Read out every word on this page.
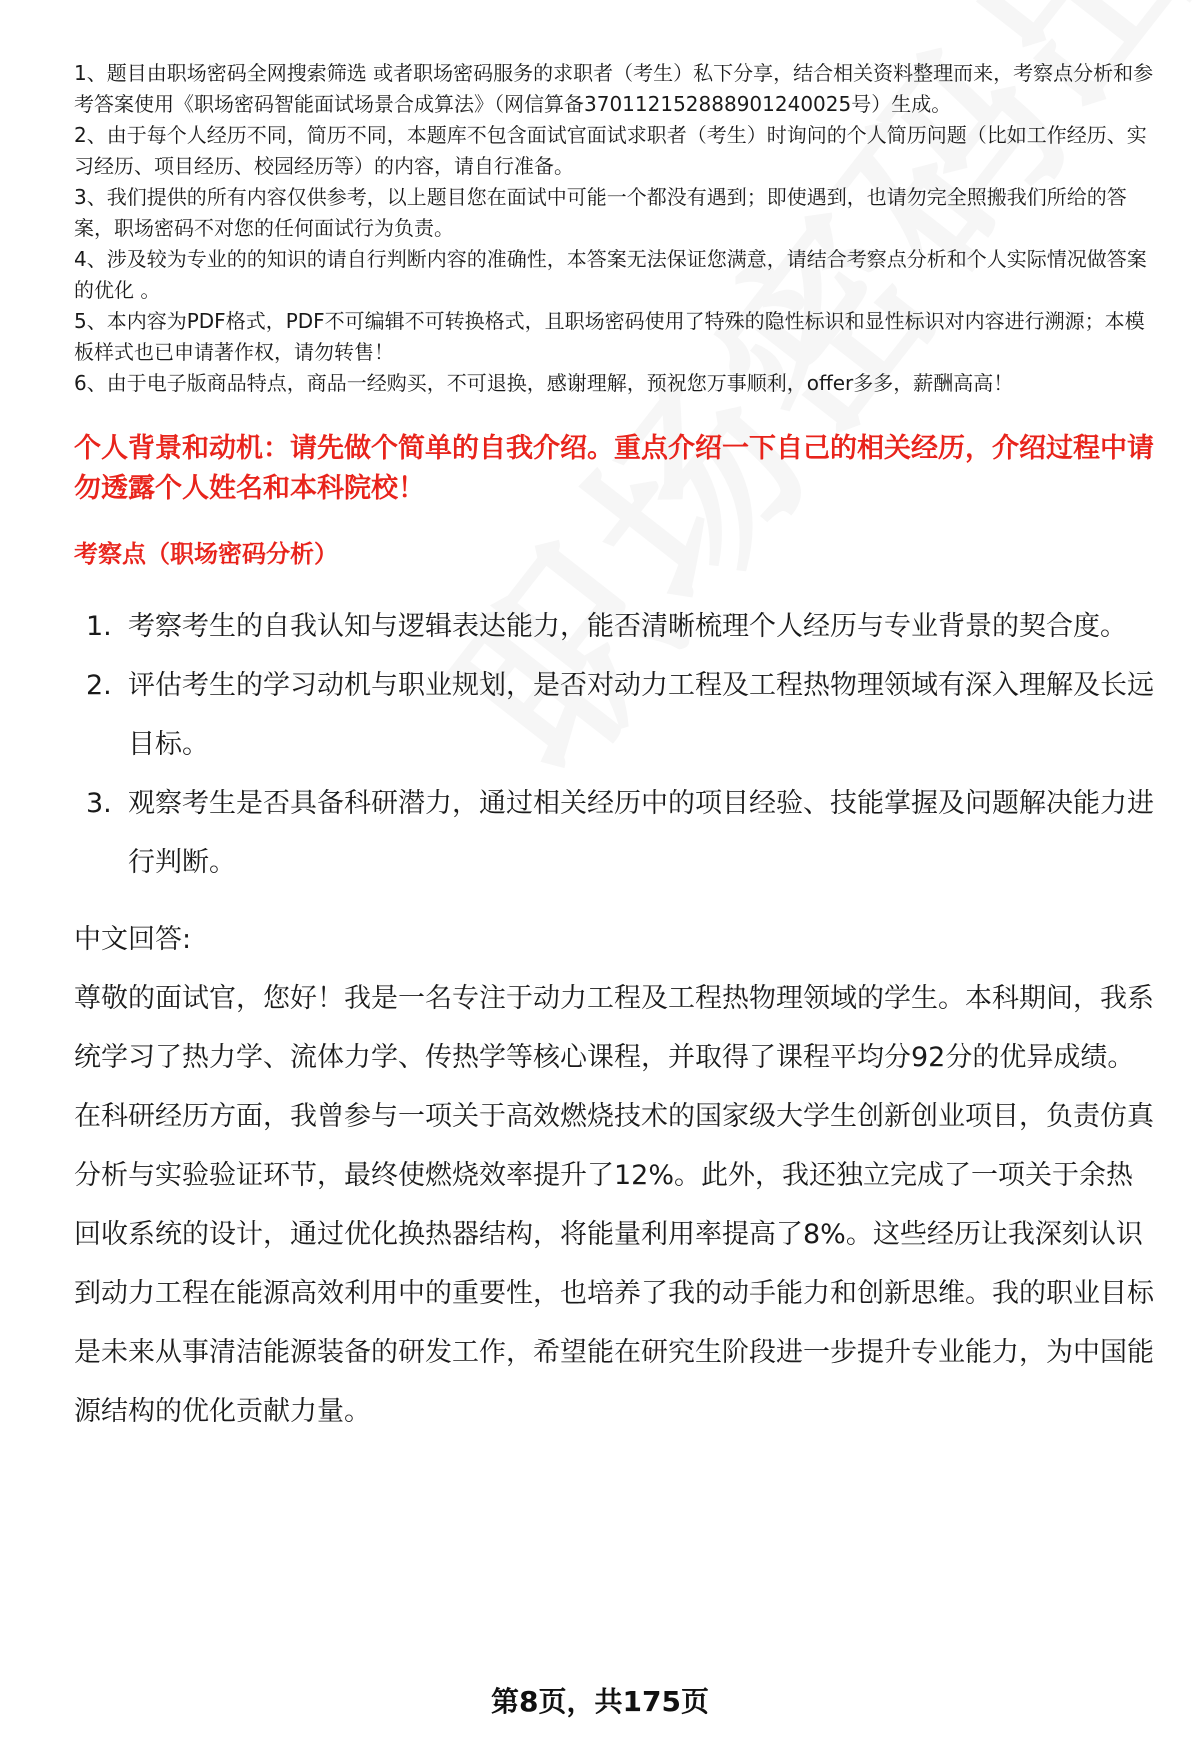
1、题目由职场密码全网搜索筛选 或者职场密码服务的求职者（考生）私下分享，结合相关资料整理而来，考察点分析和参考答案使用《职场密码智能面试场景合成算法》（网信算备370112152888901240025号）生成。
2、由于每个人经历不同，简历不同，本题库不包含面试官面试求职者（考生）时询问的个人简历问题（比如工作经历、实习经历、项目经历、校园经历等）的内容，请自行准备。
3、我们提供的所有内容仅供参考，以上题目您在面试中可能一个都没有遇到；即使遇到，也请勿完全照搬我们所给的答案，职场密码不对您的任何面试行为负责。
4、涉及较为专业的的知识的请自行判断内容的准确性，本答案无法保证您满意，请结合考察点分析和个人实际情况做答案的优化 。
5、本内容为PDF格式，PDF不可编辑不可转换格式，且职场密码使用了特殊的隐性标识和显性标识对内容进行溯源；本模板样式也已申请著作权，请勿转售！
6、由于电子版商品特点，商品一经购买，不可退换，感谢理解，预祝您万事顺利，offer多多，薪酬高高！
个人背景和动机：请先做个简单的自我介绍。重点介绍一下自己的相关经历，介绍过程中请勿透露个人姓名和本科院校！
考察点（职场密码分析）
1. 考察考生的自我认知与逻辑表达能力，能否清晰梳理个人经历与专业背景的契合度。
2. 评估考生的学习动机与职业规划，是否对动力工程及工程热物理领域有深入理解及长远目标。
3. 观察考生是否具备科研潜力，通过相关经历中的项目经验、技能掌握及问题解决能力进行判断。
中文回答:

尊敬的面试官，您好！我是一名专注于动力工程及工程热物理领域的学生。本科期间，我系统学习了热力学、流体力学、传热学等核心课程，并取得了课程平均分92分的优异成绩。在科研经历方面，我曾参与一项关于高效燃烧技术的国家级大学生创新创业项目，负责仿真分析与实验验证环节，最终使燃烧效率提升了12%。此外，我还独立完成了一项关于余热回收系统的设计，通过优化换热器结构，将能量利用率提高了8%。这些经历让我深刻认识到动力工程在能源高效利用中的重要性，也培养了我的动手能力和创新思维。我的职业目标是未来从事清洁能源装备的研发工作，希望能在研究生阶段进一步提升专业能力，为中国能源结构的优化贡献力量。

第8页，共175页
